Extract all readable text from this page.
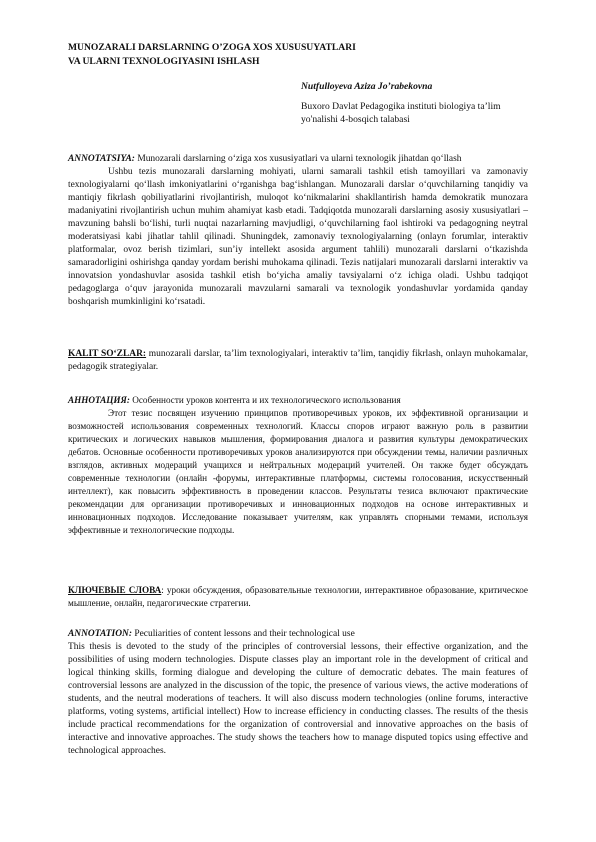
MUNOZARALI DARSLARNING O’ZOGA XOS XUSUSUYATLARI
VA ULARNI TEXNOLOGIYASINI ISHLASH
Nutfulloyeva Aziza Jo’rabekovna
Buxoro Davlat Pedagogika instituti biologiya ta’lim
yo'nalishi 4-bosqich talabasi

ANNOTATSIYA: Munozarali darslarning o‘ziga xos xususiyatlari va ularni texnologik jihatdan qo‘llash

Ushbu tezis munozarali darslarning mohiyati, ularni samarali tashkil etish tamoyillari va zamonaviy texnologiyalarni qo‘llash imkoniyatlarini o‘rganishga bag‘ishlangan. Munozarali darslar o‘quvchilarning tanqidiy va mantiqiy fikrlash qobiliyatlarini rivojlantirish, muloqot ko‘nikmalarini shakllantirish hamda demokratik munozara madaniyatini rivojlantirish uchun muhim ahamiyat kasb etadi. Tadqiqotda munozarali darslarning asosiy xususiyatlari – mavzuning bahsli bo‘lishi, turli nuqtai nazarlarning mavjudligi, o‘quvchilarning faol ishtiroki va pedagogning neytral moderatsiyasi kabi jihatlar tahlil qilinadi. Shuningdek, zamonaviy texnologiyalarning (onlayn forumlar, interaktiv platformalar, ovoz berish tizimlari, sun’iy intellekt asosida argument tahlili) munozarali darslarni o‘tkazishda samaradorligini oshirishga qanday yordam berishi muhokama qilinadi. Tezis natijalari munozarali darslarni interaktiv va innovatsion yondashuvlar asosida tashkil etish bo‘yicha amaliy tavsiyalarni o‘z ichiga oladi. Ushbu tadqiqot pedagoglarga o‘quv jarayonida munozarali mavzularni samarali va texnologik yondashuvlar yordamida qanday boshqarish mumkinligini ko‘rsatadi.

KALIT SO‘ZLAR: munozarali darslar, ta’lim texnologiyalari, interaktiv ta’lim, tanqidiy fikrlash, onlayn muhokamalar, pedagogik strategiyalar.

АННОТАЦИЯ: Особенности уроков контента и их технологического использования

Этот тезис посвящен изучению принципов противоречивых уроков, их эффективной организации и возможностей использования современных технологий. Классы споров играют важную роль в развитии критических и логических навыков мышления, формирования диалога и развития культуры демократических дебатов. Основные особенности противоречивых уроков анализируются при обсуждении темы, наличии различных взглядов, активных модераций учащихся и нейтральных модераций учителей. Он также будет обсуждать современные технологии (онлайн -форумы, интерактивные платформы, системы голосования, искусственный интеллект), как повысить эффективность в проведении классов. Результаты тезиса включают практические рекомендации для организации противоречивых и инновационных подходов на основе интерактивных и инновационных подходов. Исследование показывает учителям, как управлять спорными темами, используя эффективные и технологические подходы.

КЛЮЧЕВЫЕ СЛОВА: уроки обсуждения, образовательные технологии, интерактивное образование, критическое мышление, онлайн, педагогические стратегии.

ANNOTATION: Peculiarities of content lessons and their technological use

This thesis is devoted to the study of the principles of controversial lessons, their effective organization, and the possibilities of using modern technologies. Dispute classes play an important role in the development of critical and logical thinking skills, forming dialogue and developing the culture of democratic debates. The main features of controversial lessons are analyzed in the discussion of the topic, the presence of various views, the active moderations of students, and the neutral moderations of teachers. It will also discuss modern technologies (online forums, interactive platforms, voting systems, artificial intellect) How to increase efficiency in conducting classes. The results of the thesis include practical recommendations for the organization of controversial and innovative approaches on the basis of interactive and innovative approaches. The study shows the teachers how to manage disputed topics using effective and technological approaches.
